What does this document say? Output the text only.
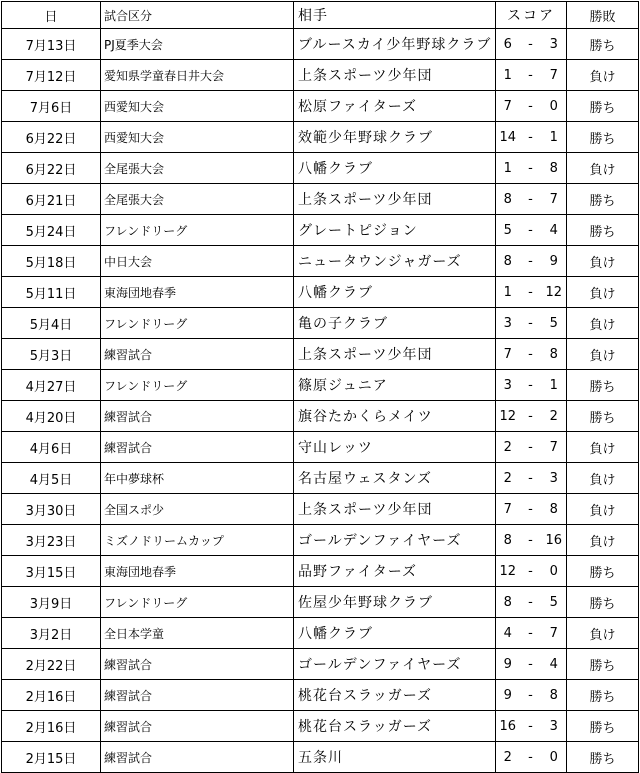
日	試合区分	相手	スコア			勝敗
7月13日	PJ夏季大会	ブルースカイ少年野球クラブ	6	-	3	勝ち
7月12日	愛知県学童春日井大会	上条スポーツ少年団	1	-	7	負け
7月6日	西愛知大会	松原ファイターズ	7	-	0	勝ち
6月22日	西愛知大会	效範少年野球クラブ	14	-	1	勝ち
6月22日	全尾張大会	八幡クラブ	1	-	8	負け
6月21日	全尾張大会	上条スポーツ少年団	8	-	7	勝ち
5月24日	フレンドリーグ	グレートピジョン	5	-	4	勝ち
5月18日	中日大会	ニュータウンジャガーズ	8	-	9	負け
5月11日	東海団地春季	八幡クラブ	1	-	12	負け
5月4日	フレンドリーグ	亀の子クラブ	3	-	5	負け
5月3日	練習試合	上条スポーツ少年団	7	-	8	負け
4月27日	フレンドリーグ	篠原ジュニア	3	-	1	勝ち
4月20日	練習試合	旗谷たかくらメイツ	12	-	2	勝ち
4月6日	練習試合	守山レッツ	2	-	7	負け
4月5日	年中夢球杯	名古屋ウェスタンズ	2	-	3	負け
3月30日	全国スポ少	上条スポーツ少年団	7	-	8	負け
3月23日	ミズノドリームカップ	ゴールデンファイヤーズ	8	-	16	負け
3月15日	東海団地春季	品野ファイターズ	12	-	0	勝ち
3月9日	フレンドリーグ	佐屋少年野球クラブ	8	-	5	勝ち
3月2日	全日本学童	八幡クラブ	4	-	7	負け
2月22日	練習試合	ゴールデンファイヤーズ	9	-	4	勝ち
2月16日	練習試合	桃花台スラッガーズ	9	-	8	勝ち
2月16日	練習試合	桃花台スラッガーズ	16	-	3	勝ち
2月15日	練習試合	五条川	2	-	0	勝ち
